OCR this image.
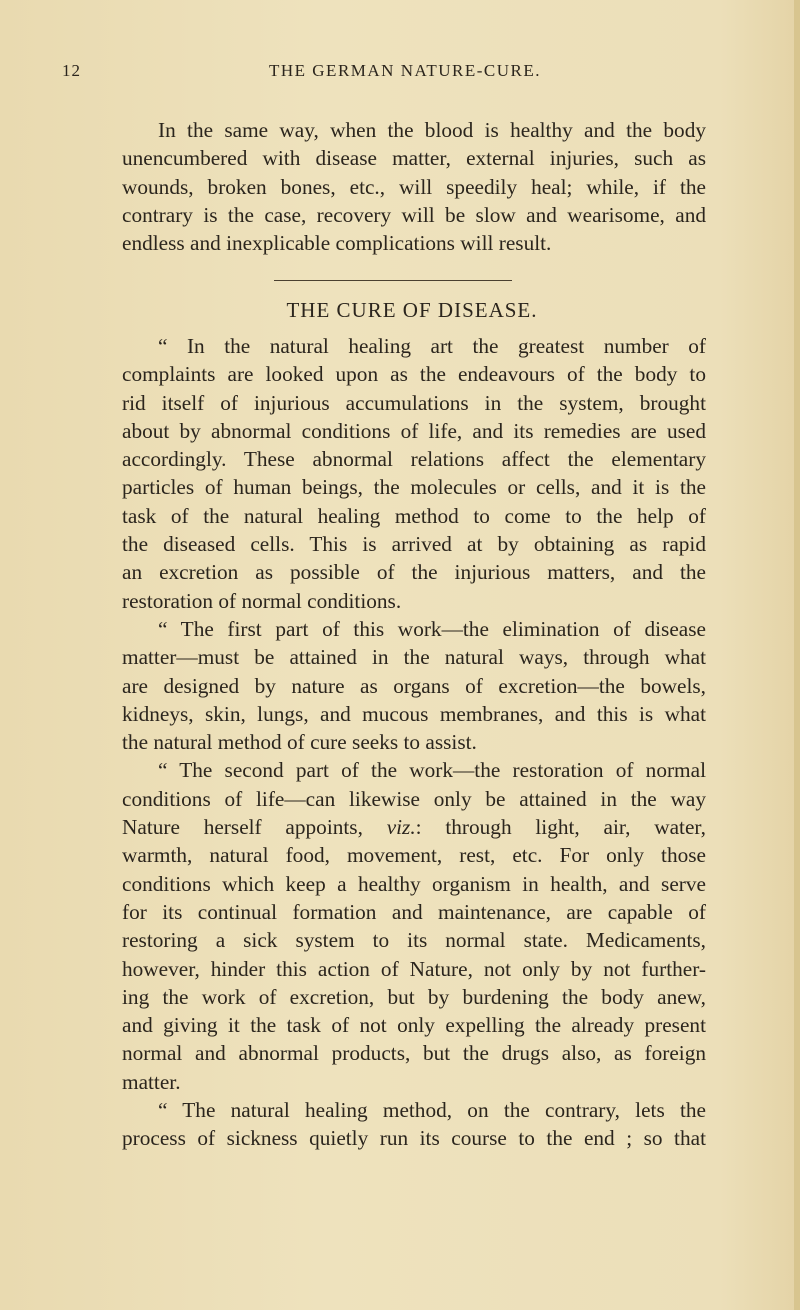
12	THE GERMAN NATURE-CURE.
In the same way, when the blood is healthy and the body
unencumbered with disease matter, external injuries, such as
wounds, broken bones, etc., will speedily heal; while, if the
contrary is the case, recovery will be slow and wearisome, and
endless and inexplicable complications will result.
THE CURE OF DISEASE.
“ In the natural healing art the greatest number of
complaints are looked upon as the endeavours of the body to
rid itself of injurious accumulations in the system, brought
about by abnormal conditions of life, and its remedies are used
accordingly. These abnormal relations affect the elementary
particles of human beings, the molecules or cells, and it is the
task of the natural healing method to come to the help of
the diseased cells. This is arrived at by obtaining as rapid
an excretion as possible of the injurious matters, and the
restoration of normal conditions.
“ The first part of this work—the elimination of disease
matter—must be attained in the natural ways, through what
are designed by nature as organs of excretion—the bowels,
kidneys, skin, lungs, and mucous membranes, and this is what
the natural method of cure seeks to assist.
“ The second part of the work—the restoration of normal
conditions of life—can likewise only be attained in the way
Nature herself appoints, viz.: through light, air, water,
warmth, natural food, movement, rest, etc. For only those
conditions which keep a healthy organism in health, and serve
for its continual formation and maintenance, are capable of
restoring a sick system to its normal state. Medicaments,
however, hinder this action of Nature, not only by not further-
ing the work of excretion, but by burdening the body anew,
and giving it the task of not only expelling the already present
normal and abnormal products, but the drugs also, as foreign
matter.
“ The natural healing method, on the contrary, lets the
process of sickness quietly run its course to the end ; so that
